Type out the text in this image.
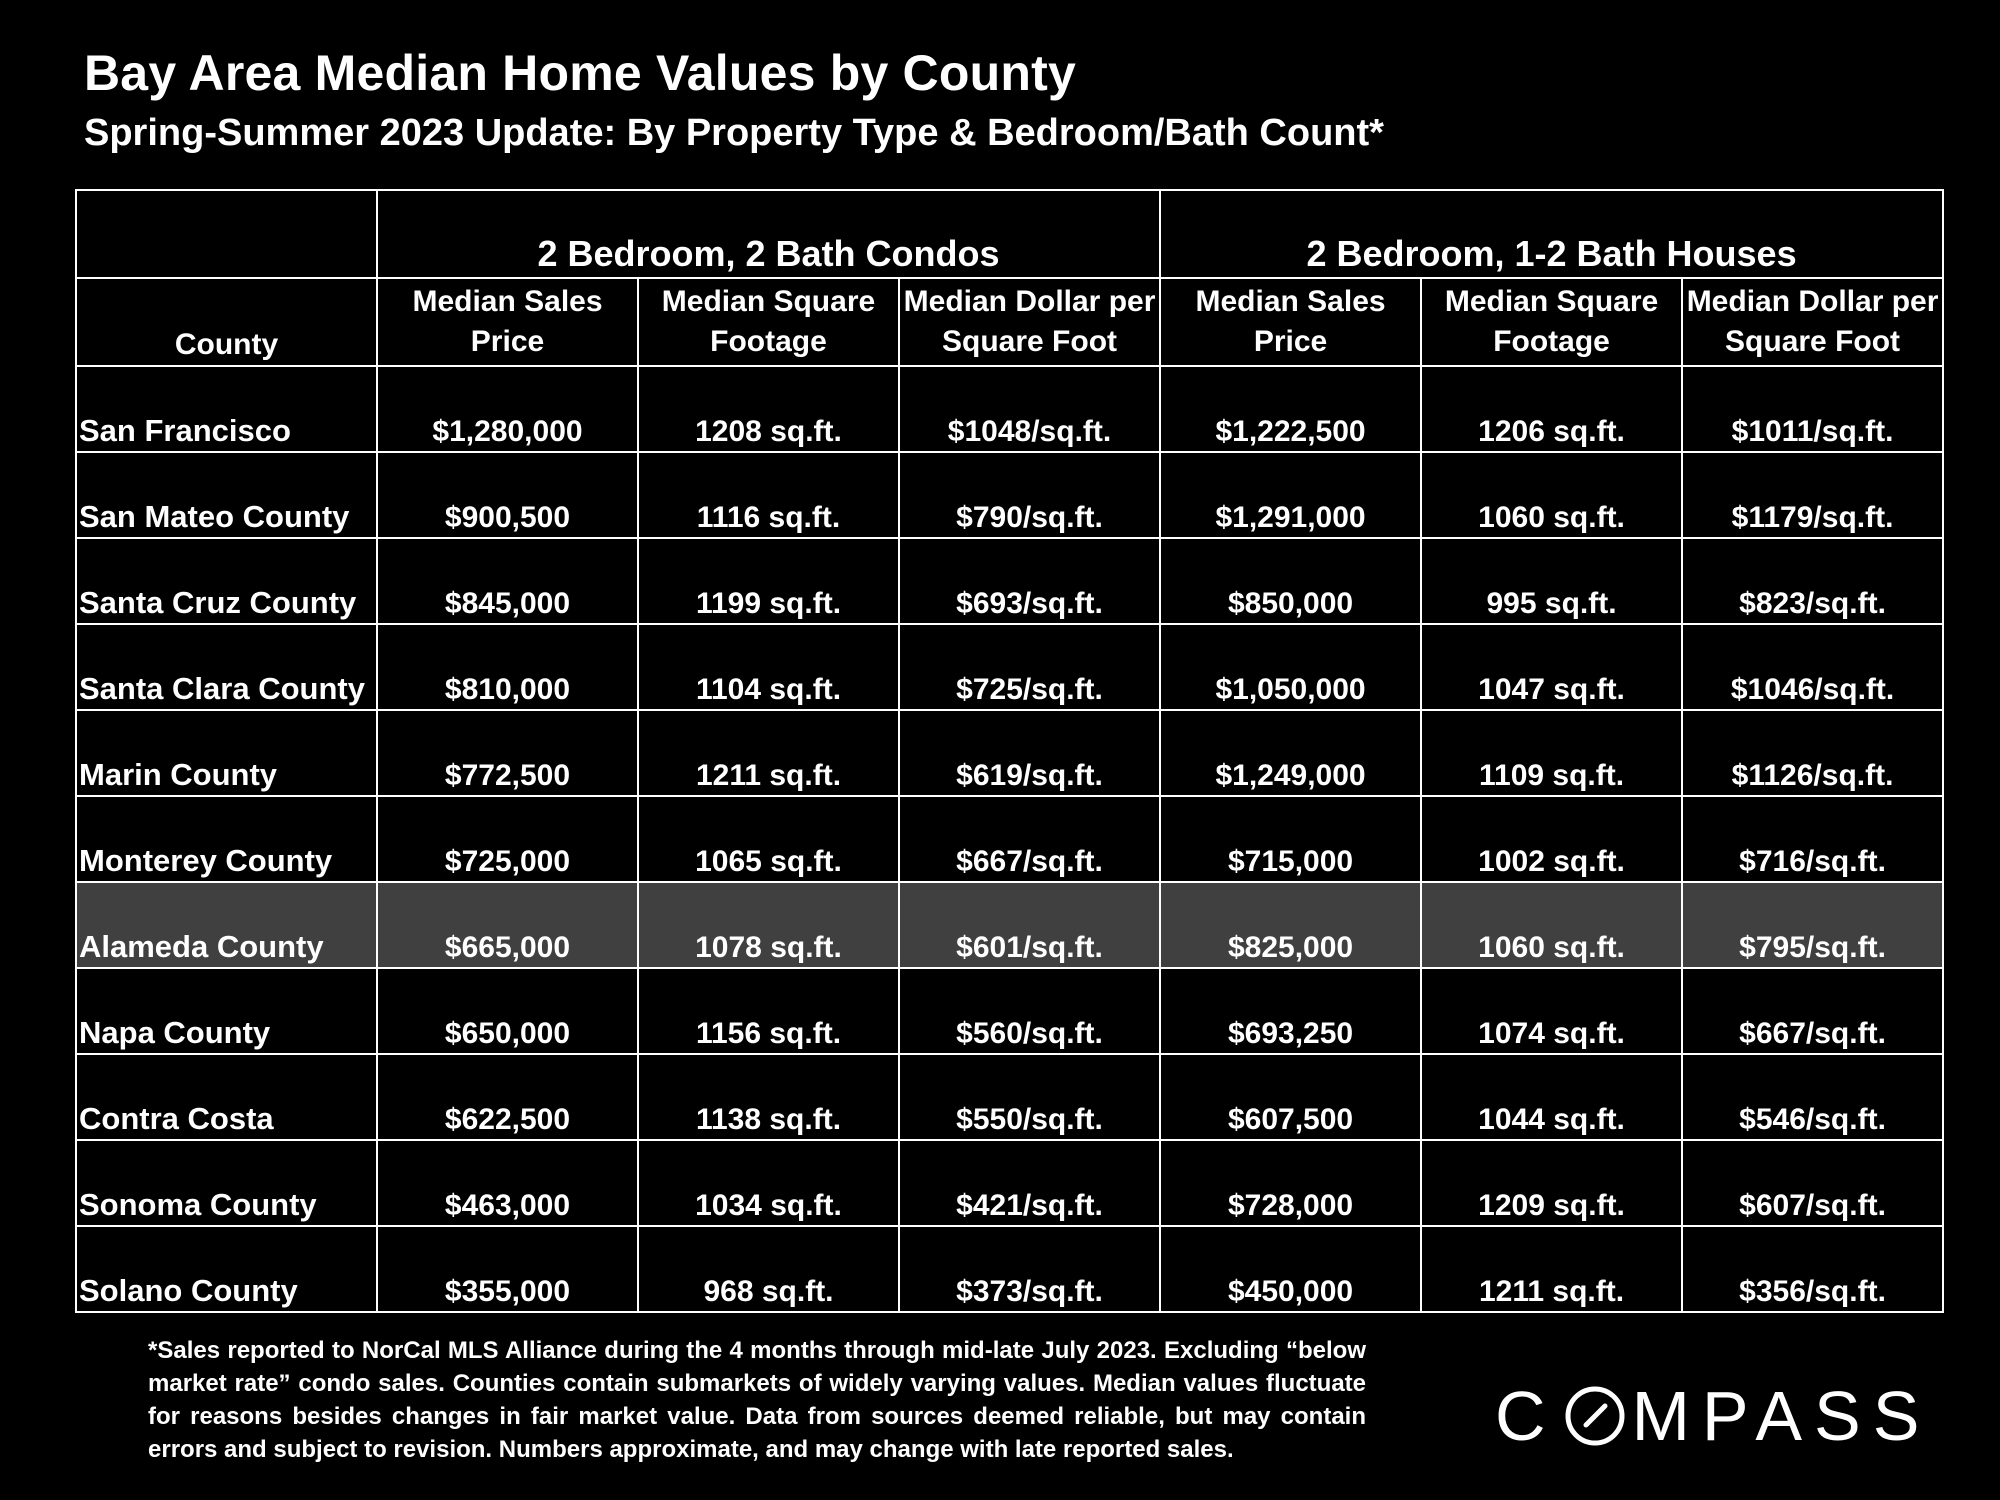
Bay Area Median Home Values by County
Spring-Summer 2023 Update: By Property Type & Bedroom/Bath Count*
	2 Bedroom, 2 Bath Condos			2 Bedroom, 1-2 Bath Houses		
County	Median Sales Price	Median Square Footage	Median Dollar per Square Foot	Median Sales Price	Median Square Footage	Median Dollar per Square Foot
San Francisco	$1,280,000	1208 sq.ft.	$1048/sq.ft.	$1,222,500	1206 sq.ft.	$1011/sq.ft.
San Mateo County	$900,500	1116 sq.ft.	$790/sq.ft.	$1,291,000	1060 sq.ft.	$1179/sq.ft.
Santa Cruz County	$845,000	1199 sq.ft.	$693/sq.ft.	$850,000	995 sq.ft.	$823/sq.ft.
Santa Clara County	$810,000	1104 sq.ft.	$725/sq.ft.	$1,050,000	1047 sq.ft.	$1046/sq.ft.
Marin County	$772,500	1211 sq.ft.	$619/sq.ft.	$1,249,000	1109 sq.ft.	$1126/sq.ft.
Monterey County	$725,000	1065 sq.ft.	$667/sq.ft.	$715,000	1002 sq.ft.	$716/sq.ft.
Alameda County	$665,000	1078 sq.ft.	$601/sq.ft.	$825,000	1060 sq.ft.	$795/sq.ft.
Napa County	$650,000	1156 sq.ft.	$560/sq.ft.	$693,250	1074 sq.ft.	$667/sq.ft.
Contra Costa	$622,500	1138 sq.ft.	$550/sq.ft.	$607,500	1044 sq.ft.	$546/sq.ft.
Sonoma County	$463,000	1034 sq.ft.	$421/sq.ft.	$728,000	1209 sq.ft.	$607/sq.ft.
Solano County	$355,000	968 sq.ft.	$373/sq.ft.	$450,000	1211 sq.ft.	$356/sq.ft.
*Sales reported to NorCal MLS Alliance during the 4 months through mid-late July 2023. Excluding “below market rate” condo sales. Counties contain submarkets of widely varying values. Median values fluctuate for reasons besides changes in fair market value. Data from sources deemed reliable, but may contain errors and subject to revision. Numbers approximate, and may change with late reported sales.	C MPASS
